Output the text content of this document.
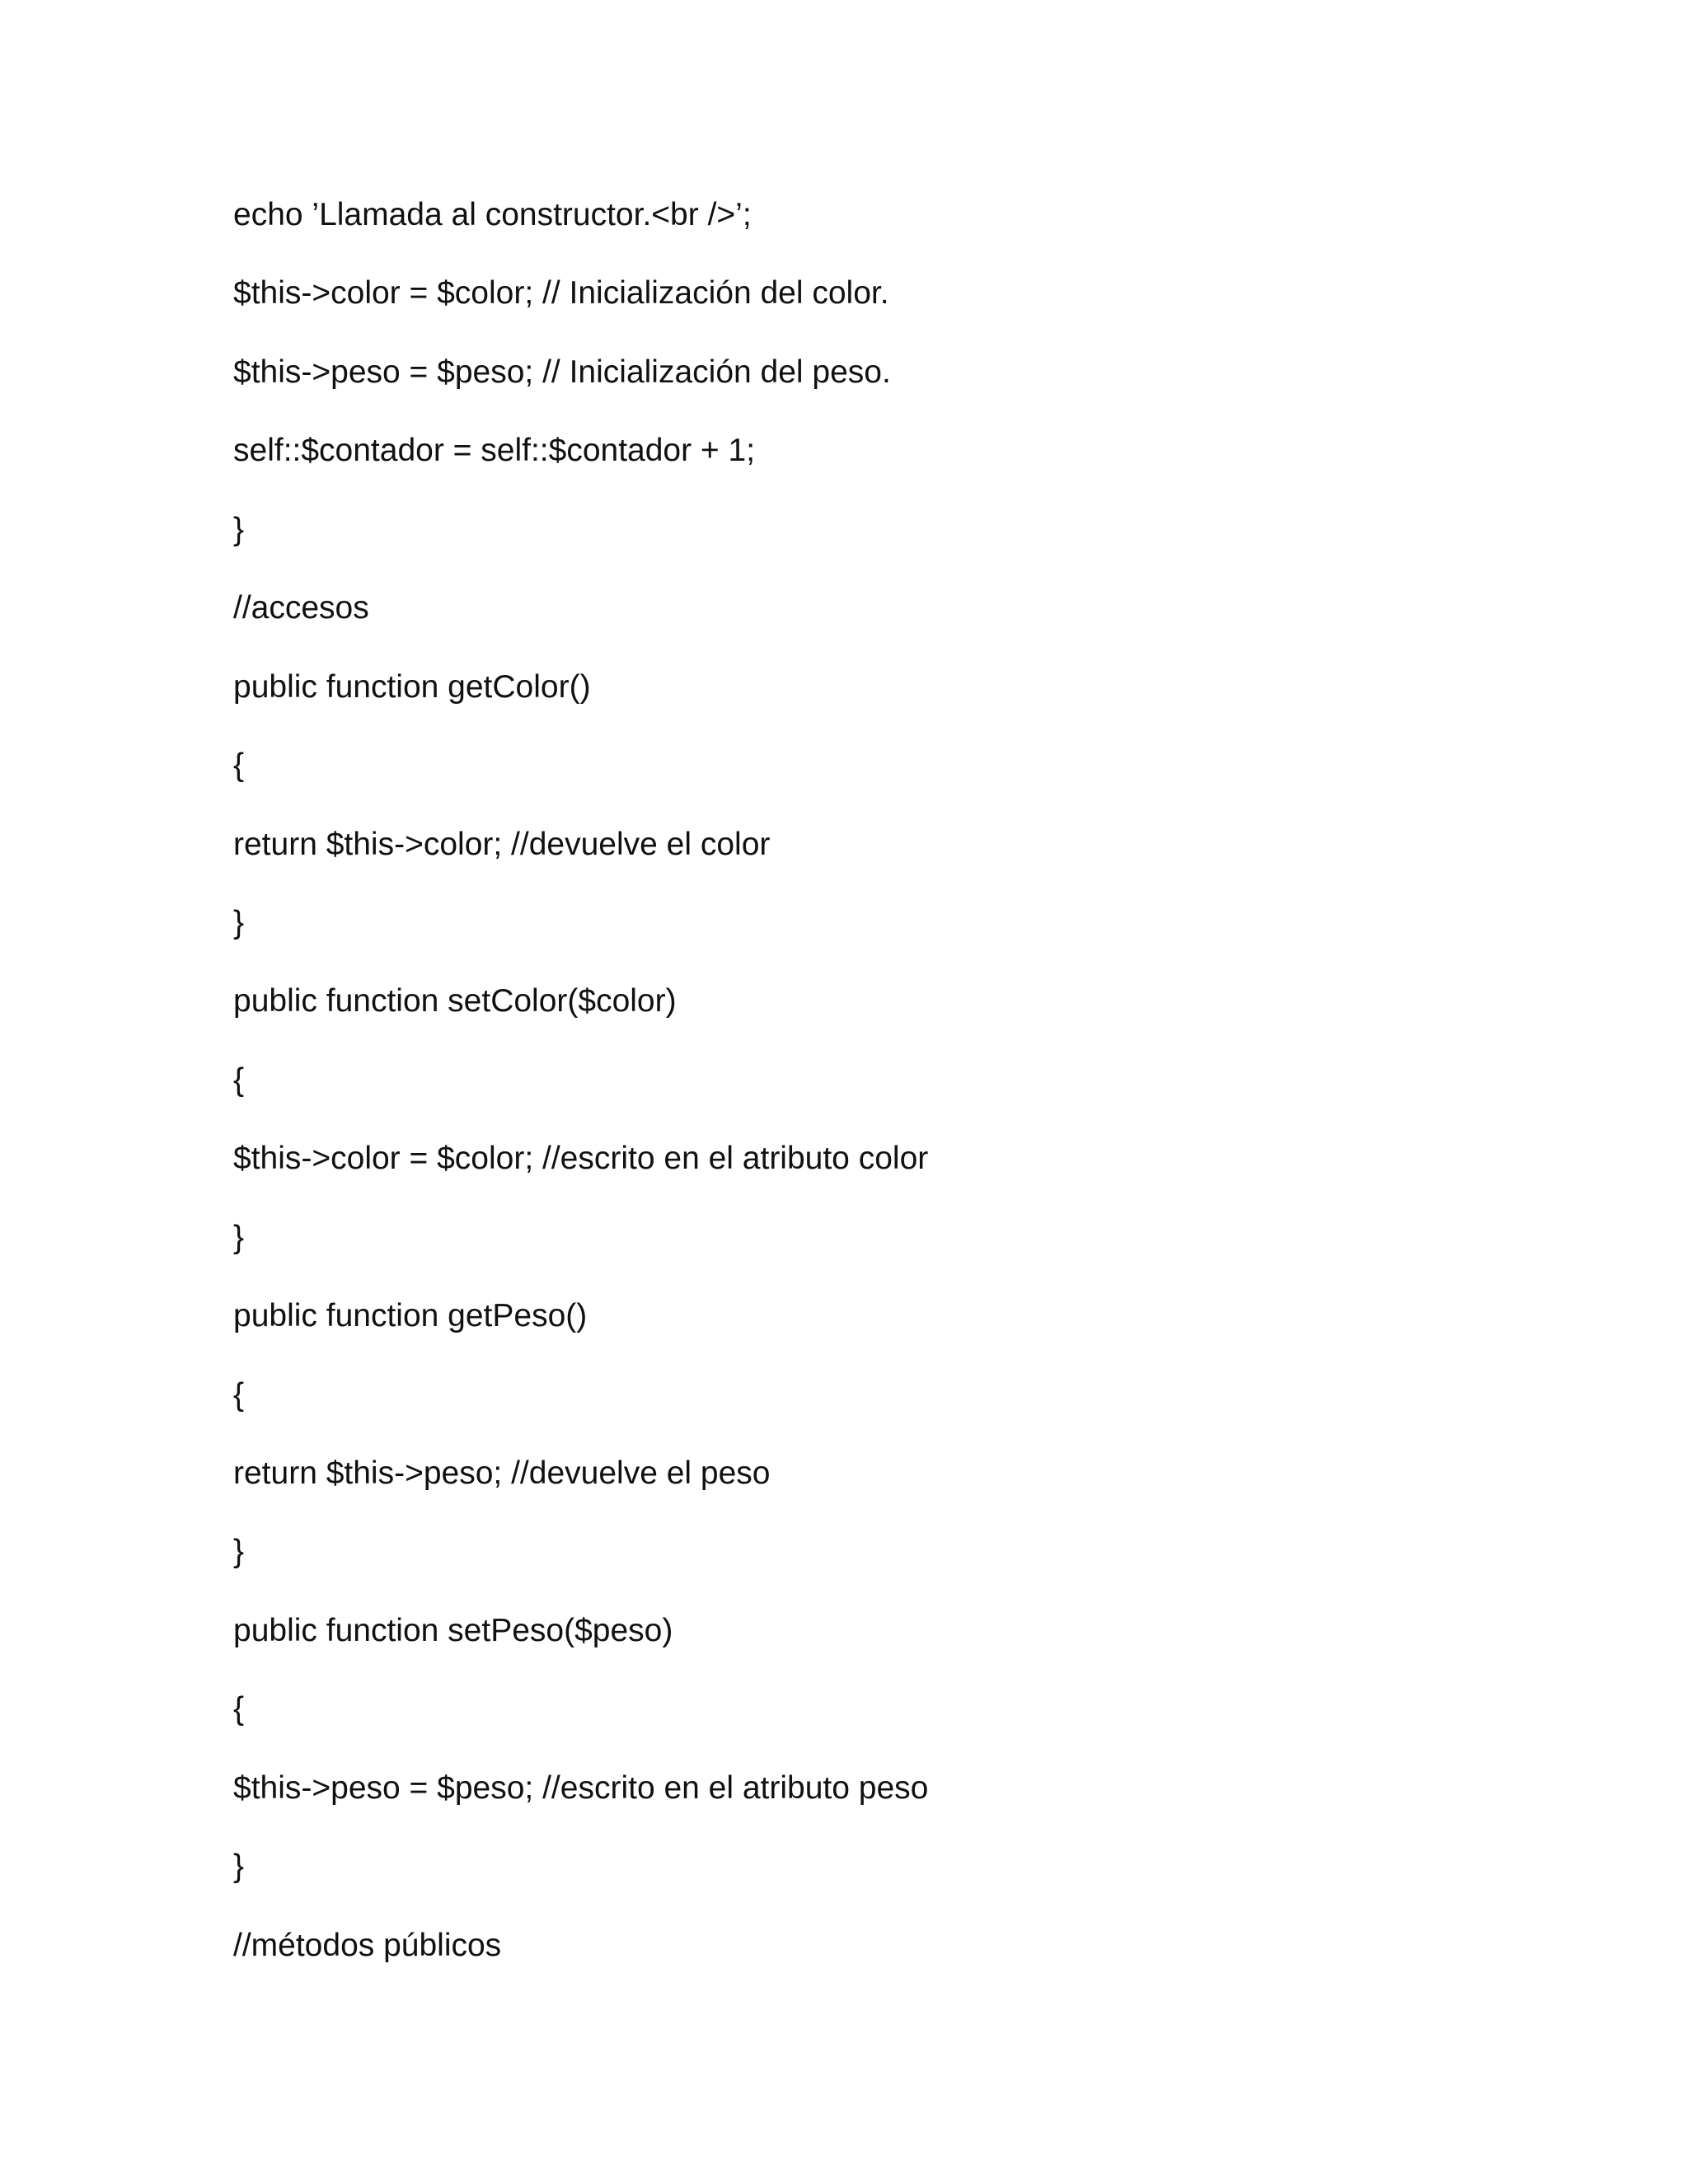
echo ’Llamada al constructor.<br />’;
$this->color = $color; // Inicialización del color.
$this->peso = $peso; // Inicialización del peso.
self::$contador = self::$contador + 1;
}
//accesos
public function getColor()
{
return $this->color; //devuelve el color
}
public function setColor($color)
{
$this->color = $color; //escrito en el atributo color
}
public function getPeso()
{
return $this->peso; //devuelve el peso
}
public function setPeso($peso)
{
$this->peso = $peso; //escrito en el atributo peso
}
//métodos públicos
